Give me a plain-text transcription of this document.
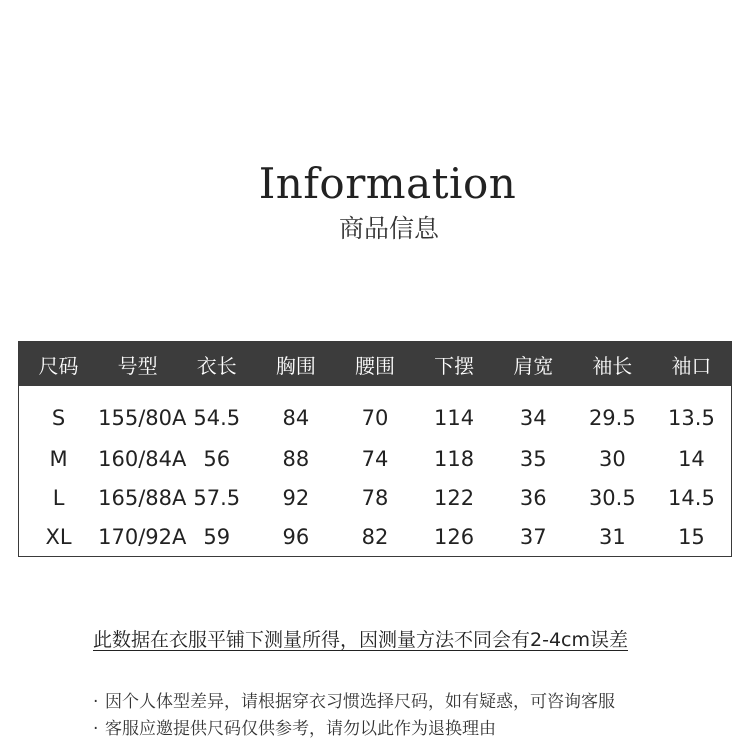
Information
商品信息
尺码	号型	衣长	胸围	腰围	下摆	肩宽	袖长	袖口
S	155/80A	54.5	84	70	114	34	29.5	13.5
M	160/84A	56	88	74	118	35	30	14
L	165/88A	57.5	92	78	122	36	30.5	14.5
XL	170/92A	59	96	82	126	37	31	15
此数据在衣服平铺下测量所得，因测量方法不同会有2-4cm误差
· 因个人体型差异，请根据穿衣习惯选择尺码，如有疑惑，可咨询客服
· 客服应邀提供尺码仅供参考，请勿以此作为退换理由
